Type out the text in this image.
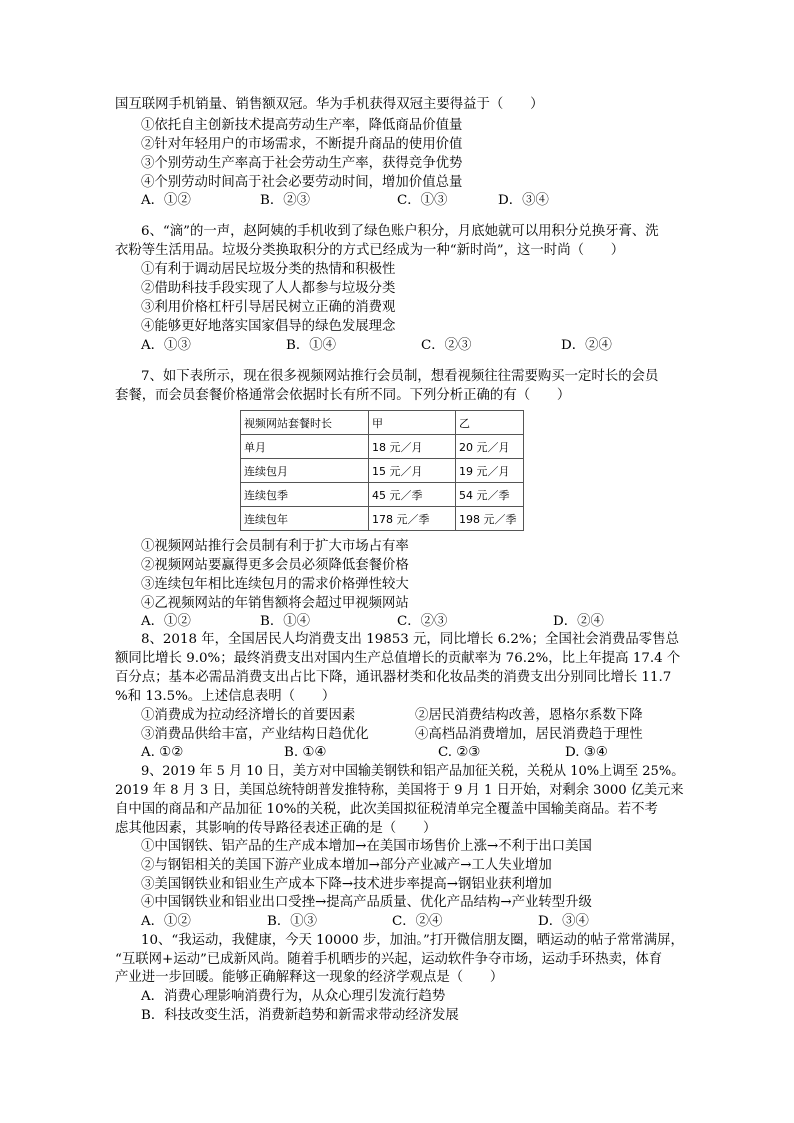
国互联网手机销量、销售额双冠。华为手机获得双冠主要得益于（　　）
①依托自主创新技术提高劳动生产率，降低商品价值量
②针对年轻用户的市场需求，不断提升商品的使用价值
③个别劳动生产率高于社会劳动生产率，获得竞争优势
④个别劳动时间高于社会必要劳动时间，增加价值总量
A．①②	B．②③	C．①③	D．③④
6、“滴”的一声，赵阿姨的手机收到了绿色账户积分，月底她就可以用积分兑换牙膏、洗
衣粉等生活用品。垃圾分类换取积分的方式已经成为一种“新时尚”，这一时尚（　　）
①有利于调动居民垃圾分类的热情和积极性
②借助科技手段实现了人人都参与垃圾分类
③利用价格杠杆引导居民树立正确的消费观
④能够更好地落实国家倡导的绿色发展理念
A．①③	B．①④	C．②③	D．②④
7、如下表所示，现在很多视频网站推行会员制，想看视频往往需要购买一定时长的会员
套餐，而会员套餐价格通常会依据时长有所不同。下列分析正确的有（　　）
视频网站套餐时长	甲	乙
单月	18 元／月	20 元／月
连续包月	15 元／月	19 元／月
连续包季	45 元／季	54 元／季
连续包年	178 元／季	198 元／季
①视频网站推行会员制有利于扩大市场占有率
②视频网站要赢得更多会员必须降低套餐价格
③连续包年相比连续包月的需求价格弹性较大
④乙视频网站的年销售额将会超过甲视频网站
A．①②	B．①④	C．②③	D．②④
8、2018 年，全国居民人均消费支出 19853 元，同比增长 6.2%；全国社会消费品零售总
额同比增长 9.0%；最终消费支出对国内生产总值增长的贡献率为 76.2%，比上年提高 17.4 个
百分点；基本必需品消费支出占比下降，通讯器材类和化妆品类的消费支出分别同比增长 11.7
%和 13.5%。上述信息表明（　　）
①消费成为拉动经济增长的首要因素	②居民消费结构改善，恩格尔系数下降
③消费品供给丰富，产业结构日趋优化	④高档品消费增加，居民消费趋于理性
A. ①②	B. ①④	C. ②③	D. ③④
9、2019 年 5 月 10 日，美方对中国输美钢铁和铝产品加征关税，关税从 10%上调至 25%。
2019 年 8 月 3 日，美国总统特朗普发推特称，美国将于 9 月 1 日开始，对剩余 3000 亿美元来
自中国的商品和产品加征 10%的关税，此次美国拟征税清单完全覆盖中国输美商品。若不考
虑其他因素，其影响的传导路径表述正确的是（　　）
①中国钢铁、铝产品的生产成本增加→在美国市场售价上涨→不利于出口美国
②与钢铝相关的美国下游产业成本增加→部分产业减产→工人失业增加
③美国钢铁业和铝业生产成本下降→技术进步率提高→钢铝业获利增加
④中国钢铁业和铝业出口受挫→提高产品质量、优化产品结构→产业转型升级
A．①②	B．①③	C．②④	D．③④
10、“我运动，我健康，今天 10000 步，加油。”打开微信朋友圈，晒运动的帖子常常满屏，
“互联网+运动”已成新风尚。随着手机晒步的兴起，运动软件争夺市场，运动手环热卖，体育
产业进一步回暖。能够正确解释这一现象的经济学观点是（　　）
A．消费心理影响消费行为，从众心理引发流行趋势
B．科技改变生活，消费新趋势和新需求带动经济发展
